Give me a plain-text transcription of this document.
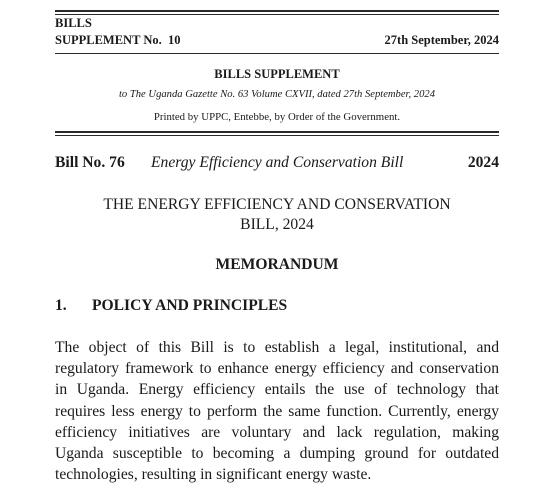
BILLS
SUPPLEMENT No.  10	27th September, 2024
BILLS SUPPLEMENT
to The Uganda Gazette No. 63 Volume CXVII, dated 27th September, 2024
Printed by UPPC, Entebbe, by Order of the Government.
Bill No. 76 Energy Efficiency and Conservation Bill	2024
THE ENERGY EFFICIENCY AND CONSERVATION
BILL, 2024
MEMORANDUM
1. POLICY AND PRINCIPLES
The object of this Bill is to establish a legal, institutional, and regulatory framework to enhance energy efficiency and conservation in Uganda. Energy efficiency entails the use of technology that requires less energy to perform the same function. Currently, energy efficiency initiatives are voluntary and lack regulation, making Uganda susceptible to becoming a dumping ground for outdated technologies, resulting in significant energy waste.
